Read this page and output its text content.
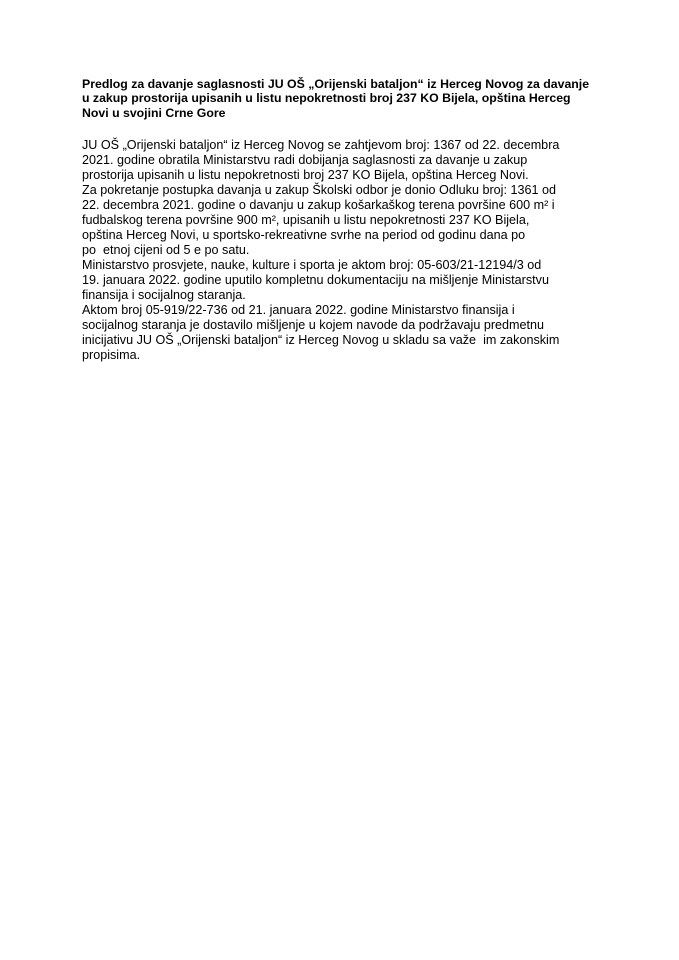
Predlog za davanje saglasnosti JU OŠ „Orijenski bataljon“ iz Herceg Novog za davanje
u zakup prostorija upisanih u listu nepokretnosti broj 237 KO Bijela, opština Herceg
Novi u svojini Crne Gore
JU OŠ „Orijenski bataljon“ iz Herceg Novog se zahtjevom broj: 1367 od 22. decembra
2021. godine obratila Ministarstvu radi dobijanja saglasnosti za davanje u zakup
prostorija upisanih u listu nepokretnosti broj 237 KO Bijela, opština Herceg Novi.
Za pokretanje postupka davanja u zakup Školski odbor je donio Odluku broj: 1361 od
22. decembra 2021. godine o davanju u zakup košarkaškog terena površine 600 m² i
fudbalskog terena površine 900 m², upisanih u listu nepokretnosti 237 KO Bijela,
opština Herceg Novi, u sportsko-rekreativne svrhe na period od godinu dana po
po  etnoj cijeni od 5 e po satu.
Ministarstvo prosvjete, nauke, kulture i sporta je aktom broj: 05-603/21-12194/3 od
19. januara 2022. godine uputilo kompletnu dokumentaciju na mišljenje Ministarstvu
finansija i socijalnog staranja.
Aktom broj 05-919/22-736 od 21. januara 2022. godine Ministarstvo finansija i
socijalnog staranja je dostavilo mišljenje u kojem navode da podržavaju predmetnu
inicijativu JU OŠ „Orijenski bataljon“ iz Herceg Novog u skladu sa važe  im zakonskim
propisima.
